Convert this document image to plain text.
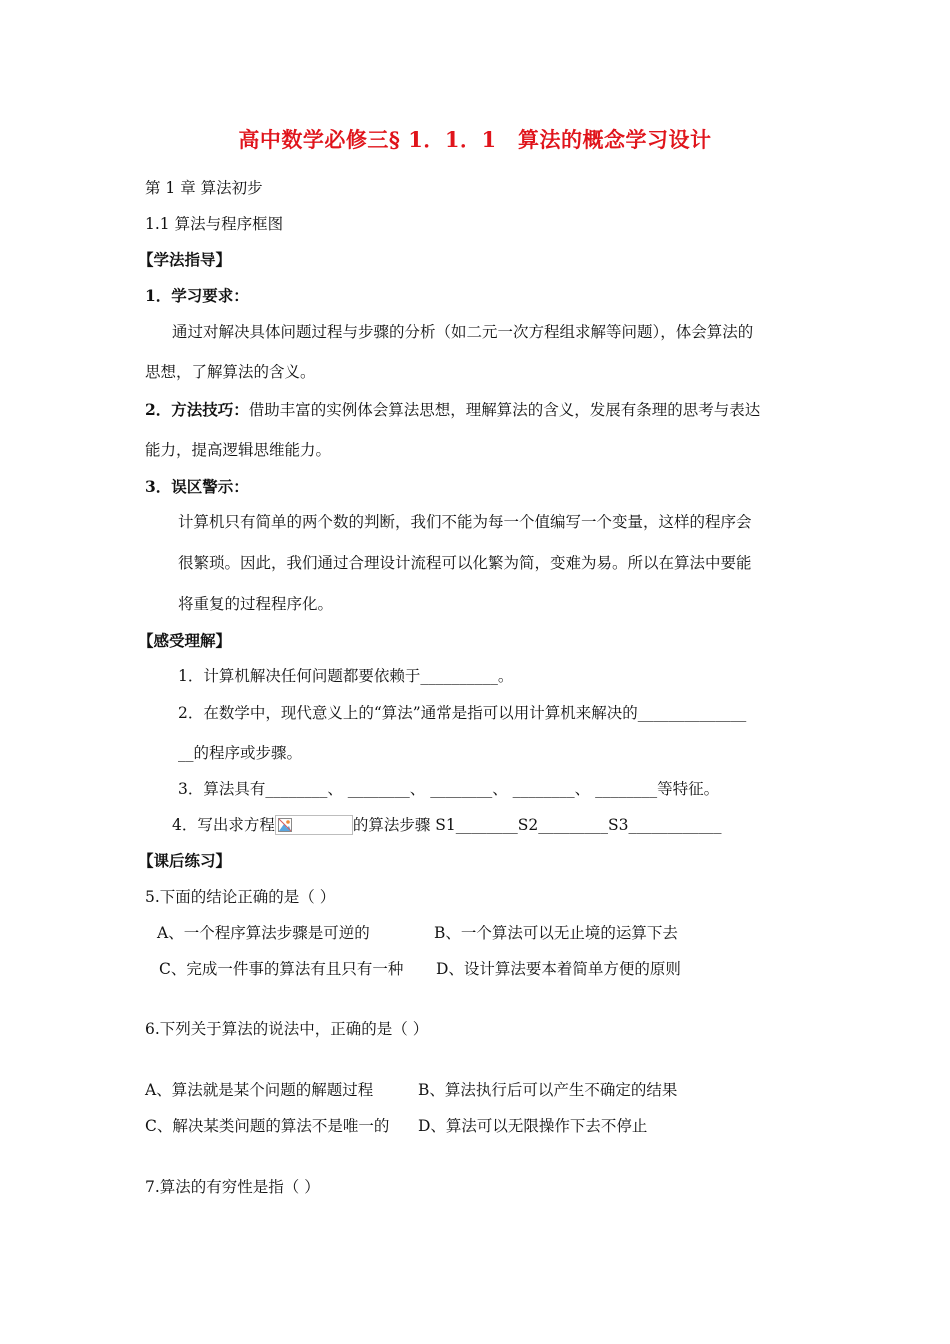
高中数学必修三§ 1．1．1　算法的概念学习设计
第 1 章 算法初步
1.1 算法与程序框图
【学法指导】
1．学习要求：
通过对解决具体问题过程与步骤的分析（如二元一次方程组求解等问题），体会算法的
思想，了解算法的含义。
2．方法技巧：借助丰富的实例体会算法思想，理解算法的含义，发展有条理的思考与表达
能力，提高逻辑思维能力。
3．误区警示：
计算机只有简单的两个数的判断，我们不能为每一个值编写一个变量，这样的程序会
很繁琐。因此，我们通过合理设计流程可以化繁为简，变难为易。所以在算法中要能
将重复的过程程序化。
【感受理解】
1．计算机解决任何问题都要依赖于__________。
2．在数学中，现代意义上的“算法”通常是指可以用计算机来解决的______________
__的程序或步骤。
3．算法具有________、 ________、 ________、 ________、 ________等特征。
4．写出求方程	的算法步骤 S1________S2_________S3____________
【课后练习】
5.下面的结论正确的是（ ）
A、一个程序算法步骤是可逆的	B、一个算法可以无止境的运算下去
C、完成一件事的算法有且只有一种 D、设计算法要本着简单方便的原则
6.下列关于算法的说法中，正确的是（ ）
A、算法就是某个问题的解题过程	B、算法执行后可以产生不确定的结果
C、解决某类问题的算法不是唯一的 D、算法可以无限操作下去不停止
7.算法的有穷性是指（ ）
